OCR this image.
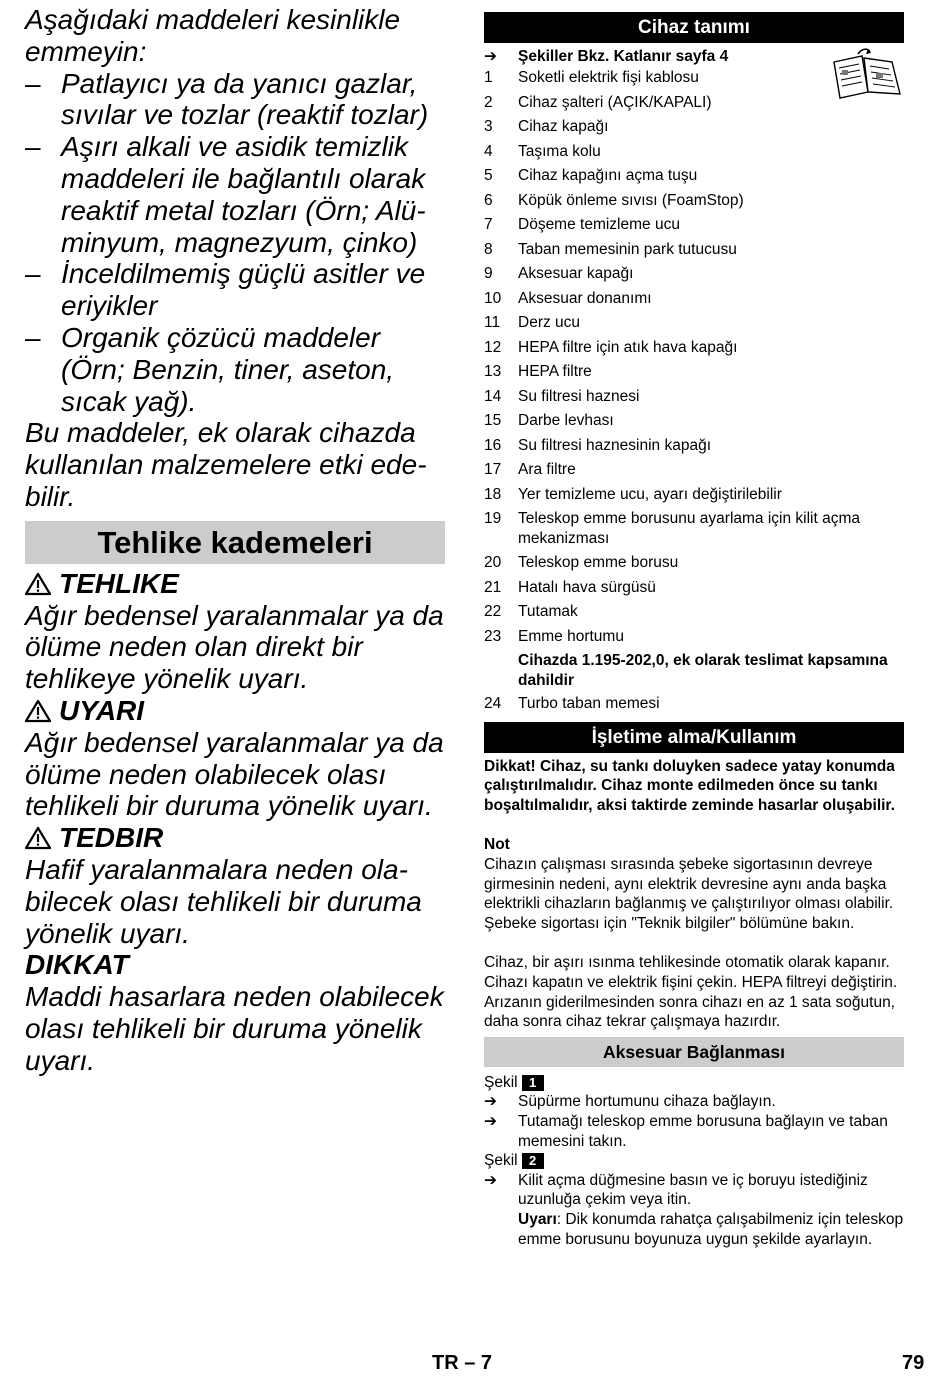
Aşağıdaki maddeleri kesinlikle emmeyin:

– Patlayıcı ya da yanıcı gazlar, sıvılar ve tozlar (reaktif tozlar)
– Aşırı alkali ve asidik temizlik maddeleri ile bağlantılı olarak reaktif metal tozları (Örn; Alüminyum, magnezyum, çinko)
– İnceldilmemiş güçlü asitler ve eriyikler
– Organik çözücü maddeler (Örn; Benzin, tiner, aseton, sıcak yağ).

Bu maddeler, ek olarak cihazda kullanılan malzemelere etki edebilir.

Tehlike kademeleri
TEHLIKE

Ağır bedensel yaralanmalar ya da ölüme neden olan direkt bir tehlikeye yönelik uyarı.

UYARI

Ağır bedensel yaralanmalar ya da ölüme neden olabilecek olası tehlikeli bir duruma yönelik uyarı.

TEDBIR

Hafif yaralanmalara neden olabilecek olası tehlikeli bir duruma yönelik uyarı.

DIKKAT

Maddi hasarlara neden olabilecek olası tehlikeli bir duruma yönelik uyarı.

Cihaz tanımı
➔ Şekiller Bkz. Katlanır sayfa 4
1	Soketli elektrik fişi kablosu
2	Cihaz şalteri (AÇIK/KAPALI)
3	Cihaz kapağı
4	Taşıma kolu
5	Cihaz kapağını açma tuşu
6	Köpük önleme sıvısı (FoamStop)
7	Döşeme temizleme ucu
8	Taban memesinin park tutucusu
9	Aksesuar kapağı
10	Aksesuar donanımı
11	Derz ucu
12	HEPA filtre için atık hava kapağı
13	HEPA filtre
14	Su filtresi haznesi
15	Darbe levhası
16	Su filtresi haznesinin kapağı
17	Ara filtre
18	Yer temizleme ucu, ayarı değiştirilebilir
19	Teleskop emme borusunu ayarlama için kilit açma mekanizması
20	Teleskop emme borusu
21	Hatalı hava sürgüsü
22	Tutamak
23	Emme hortumu
Cihazda 1.195-202,0, ek olarak teslimat kapsamına dahildir
24	Turbo taban memesi
İşletime alma/Kullanım

Dikkat! Cihaz, su tankı doluyken sadece yatay konumda çalıştırılmalıdır. Cihaz monte edilmeden önce su tankı boşaltılmalıdır, aksi taktirde zeminde hasarlar oluşabilir.

Not

Cihazın çalışması sırasında şebeke sigortasının devreye girmesinin nedeni, aynı elektrik devresine aynı anda başka elektrikli cihazların bağlanmış ve çalıştırılıyor olması olabilir. Şebeke sigortası için "Teknik bilgiler" bölümüne bakın.

Cihaz, bir aşırı ısınma tehlikesinde otomatik olarak kapanır. Cihazı kapatın ve elektrik fişini çekin. HEPA filtreyi değiştirin. Arızanın giderilmesinden sonra cihazı en az 1 sata soğutun, daha sonra cihaz tekrar çalışmaya hazırdır.

Aksesuar Bağlanması
Şekil 1
➔ Süpürme hortumunu cihaza bağlayın.
➔ Tutamağı teleskop emme borusuna bağlayın ve taban memesini takın.
Şekil 2
➔ Kilit açma düğmesine basın ve iç boruyu istediğiniz uzunluğa çekim veya itin.
Uyarı: Dik konumda rahatça çalışabilmeniz için teleskop emme borusunu boyunuza uygun şekilde ayarlayın.
TR – 7	79
